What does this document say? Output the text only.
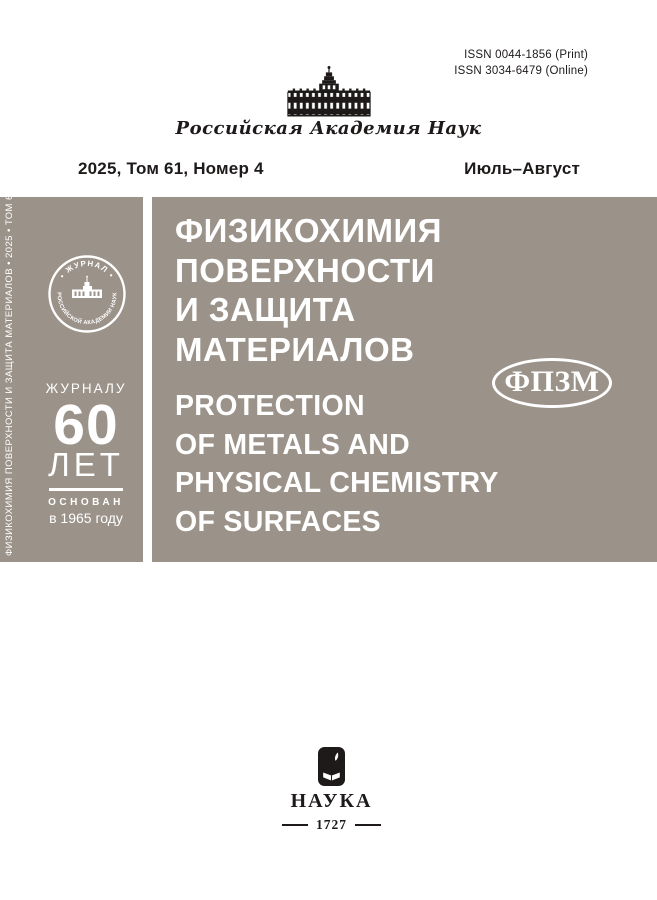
ISSN 0044-1856 (Print)
ISSN 3034-6479 (Online)
Российская Академия Наук
2025, Том 61, Номер 4	Июль–Август
ФИЗИКОХИМИЯ ПОВЕРХНОСТИ И ЗАЩИТА МАТЕРИАЛОВ • 2025 • ТОМ 61 • № 4	• ЖУРНАЛ •
РОССИЙСКОЙ АКАДЕМИИ НАУК
ЖУРНАЛУ
60
ЛЕТ
ОСНОВАН
в 1965 году
ФИЗИКОХИМИЯ
ПОВЕРХНОСТИ
И ЗАЩИТА
МАТЕРИАЛОВ
PROTECTION
OF METALS AND
PHYSICAL CHEMISTRY
OF SURFACES
ФПЗМ
НАУКА
1727
